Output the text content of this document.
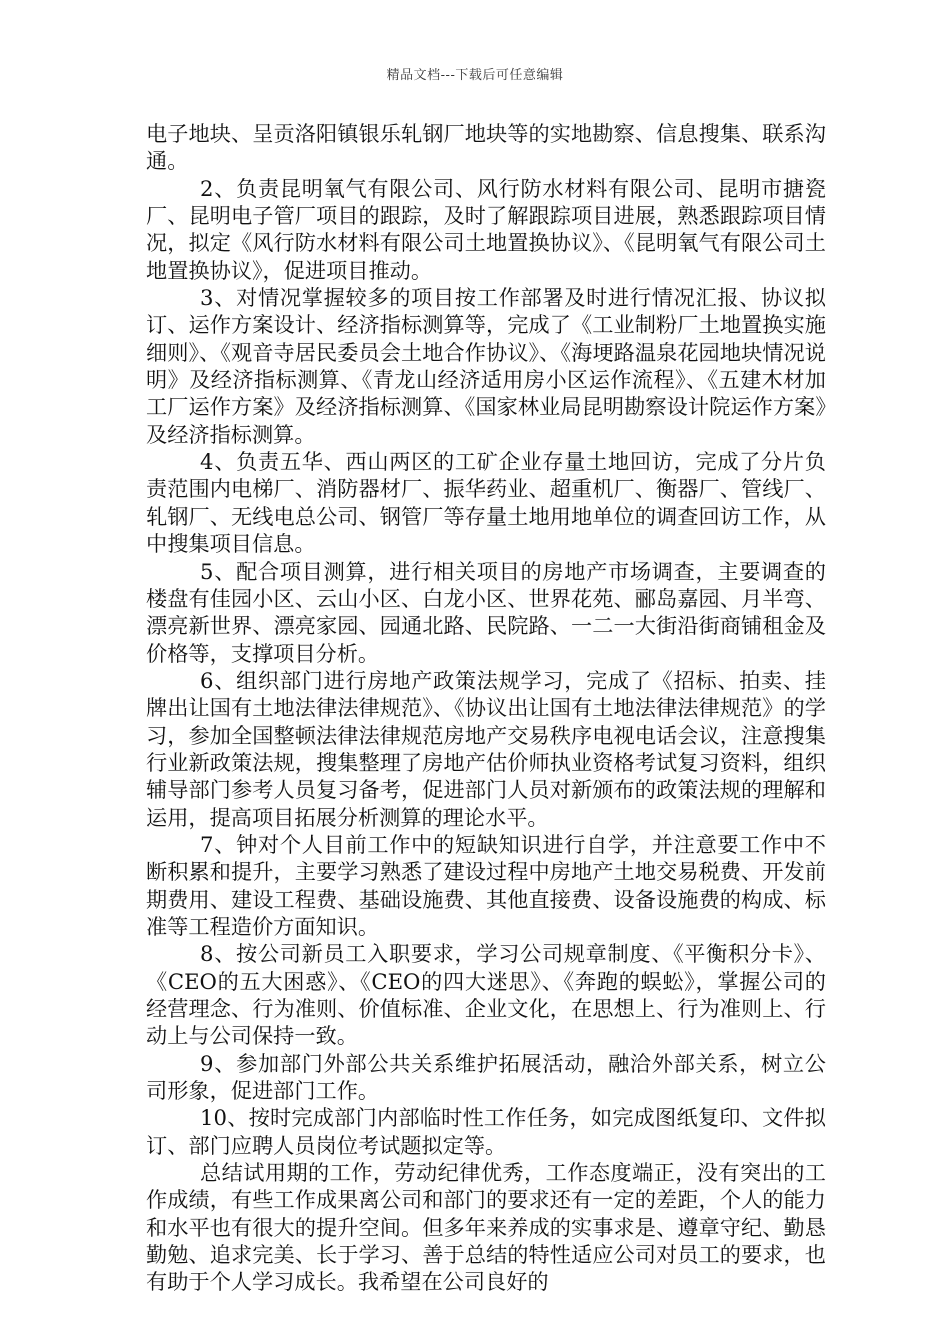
精品文档---下载后可任意编辑

电子地块、呈贡洛阳镇银乐轧钢厂地块等的实地勘察、信息搜集、联系沟通。

2、负责昆明氧气有限公司、风行防水材料有限公司、昆明市搪瓷厂、昆明电子管厂项目的跟踪，及时了解跟踪项目进展，熟悉跟踪项目情况，拟定《风行防水材料有限公司土地置换协议》、《昆明氧气有限公司土地置换协议》，促进项目推动。

3、对情况掌握较多的项目按工作部署及时进行情况汇报、协议拟订、运作方案设计、经济指标测算等，完成了《工业制粉厂土地置换实施细则》、《观音寺居民委员会土地合作协议》、《海埂路温泉花园地块情况说明》及经济指标测算、《青龙山经济适用房小区运作流程》、《五建木材加工厂运作方案》及经济指标测算、《国家林业局昆明勘察设计院运作方案》及经济指标测算。

4、负责五华、西山两区的工矿企业存量土地回访，完成了分片负责范围内电梯厂、消防器材厂、振华药业、超重机厂、衡器厂、管线厂、轧钢厂、无线电总公司、钢管厂等存量土地用地单位的调查回访工作，从中搜集项目信息。

5、配合项目测算，进行相关项目的房地产市场调查，主要调查的楼盘有佳园小区、云山小区、白龙小区、世界花苑、郦岛嘉园、月半弯、漂亮新世界、漂亮家园、园通北路、民院路、一二一大街沿街商铺租金及价格等，支撑项目分析。

6、组织部门进行房地产政策法规学习，完成了《招标、拍卖、挂牌出让国有土地法律法律规范》、《协议出让国有土地法律法律规范》的学习，参加全国整顿法律法律规范房地产交易秩序电视电话会议，注意搜集行业新政策法规，搜集整理了房地产估价师执业资格考试复习资料，组织辅导部门参考人员复习备考，促进部门人员对新颁布的政策法规的理解和运用，提高项目拓展分析测算的理论水平。

7、钟对个人目前工作中的短缺知识进行自学，并注意要工作中不断积累和提升，主要学习熟悉了建设过程中房地产土地交易税费、开发前期费用、建设工程费、基础设施费、其他直接费、设备设施费的构成、标准等工程造价方面知识。

8、按公司新员工入职要求，学习公司规章制度、《平衡积分卡》、《CEO的五大困惑》、《CEO的四大迷思》、《奔跑的蜈蚣》，掌握公司的经营理念、行为准则、价值标准、企业文化，在思想上、行为准则上、行动上与公司保持一致。

9、参加部门外部公共关系维护拓展活动，融洽外部关系，树立公司形象，促进部门工作。

10、按时完成部门内部临时性工作任务，如完成图纸复印、文件拟订、部门应聘人员岗位考试题拟定等。

总结试用期的工作，劳动纪律优秀，工作态度端正，没有突出的工作成绩，有些工作成果离公司和部门的要求还有一定的差距，个人的能力和水平也有很大的提升空间。但多年来养成的实事求是、遵章守纪、勤恳勤勉、追求完美、长于学习、善于总结的特性适应公司对员工的要求，也有助于个人学习成长。我希望在公司良好的
